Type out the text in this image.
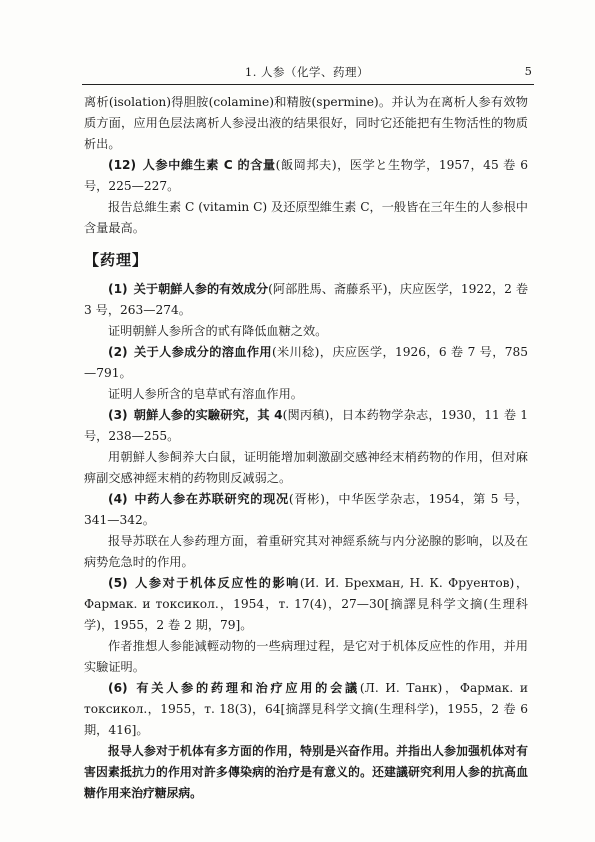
1. 人参（化学、药理）	5

离析(isolation)得胆胺(colamine)和精胺(spermine)。并认为在离析人参有效物质方面，应用色层法离析人参浸出液的结果很好，同时它还能把有生物活性的物质析出。

(12) 人参中維生素 C 的含量(飯岡邦夫)，医学と生物学，1957，45 卷 6 号，225—227。

报告总維生素 C (vitamin C) 及还原型維生素 C，一般皆在三年生的人参根中含量最高。

【药理】

(1) 关于朝鮮人参的有效成分(阿部胜馬、斋藤系平)，庆应医学，1922，2 卷 3 号，263—274。

证明朝鮮人参所含的甙有降低血糖之效。

(2) 关于人参成分的溶血作用(米川稔)，庆应医学，1926，6 卷 7 号，785—791。

证明人参所含的皂草甙有溶血作用。

(3) 朝鮮人参的实驗研究，其 4(関丙稹)，日本药物学杂志，1930，11 卷 1 号，238—255。

用朝鮮人参飼养大白鼠，证明能增加刺激副交感神经末梢药物的作用，但对麻痹副交感神經末梢的药物則反减弱之。

(4) 中药人参在苏联研究的现况(胥彬)，中华医学杂志，1954，第 5 号，341—342。

报导苏联在人参药理方面，着重研究其对神經系統与内分泌腺的影响，以及在病势危急时的作用。

(5) 人参对于机体反应性的影响(И. И. Брехман, Н. К. Фруентов)，Фармак. и токсикол.，1954，т. 17(4)，27—30[摘譯見科学文摘(生理科学)，1955，2 卷 2 期，79]。

作者推想人参能減輕动物的一些病理过程，是它对于机体反应性的作用，并用实驗证明。

(6) 有关人参的药理和治疗应用的会議(Л. И. Танк)，Фармак. и токсикол.，1955，т. 18(3)，64[摘譯見科学文摘(生理科学)，1955，2 卷 6 期，416]。

报导人参对于机体有多方面的作用，特别是兴奋作用。并指出人参加强机体对有害因素抵抗力的作用对許多傳染病的治疗是有意义的。还建議研究利用人参的抗高血糖作用来治疗糖尿病。
